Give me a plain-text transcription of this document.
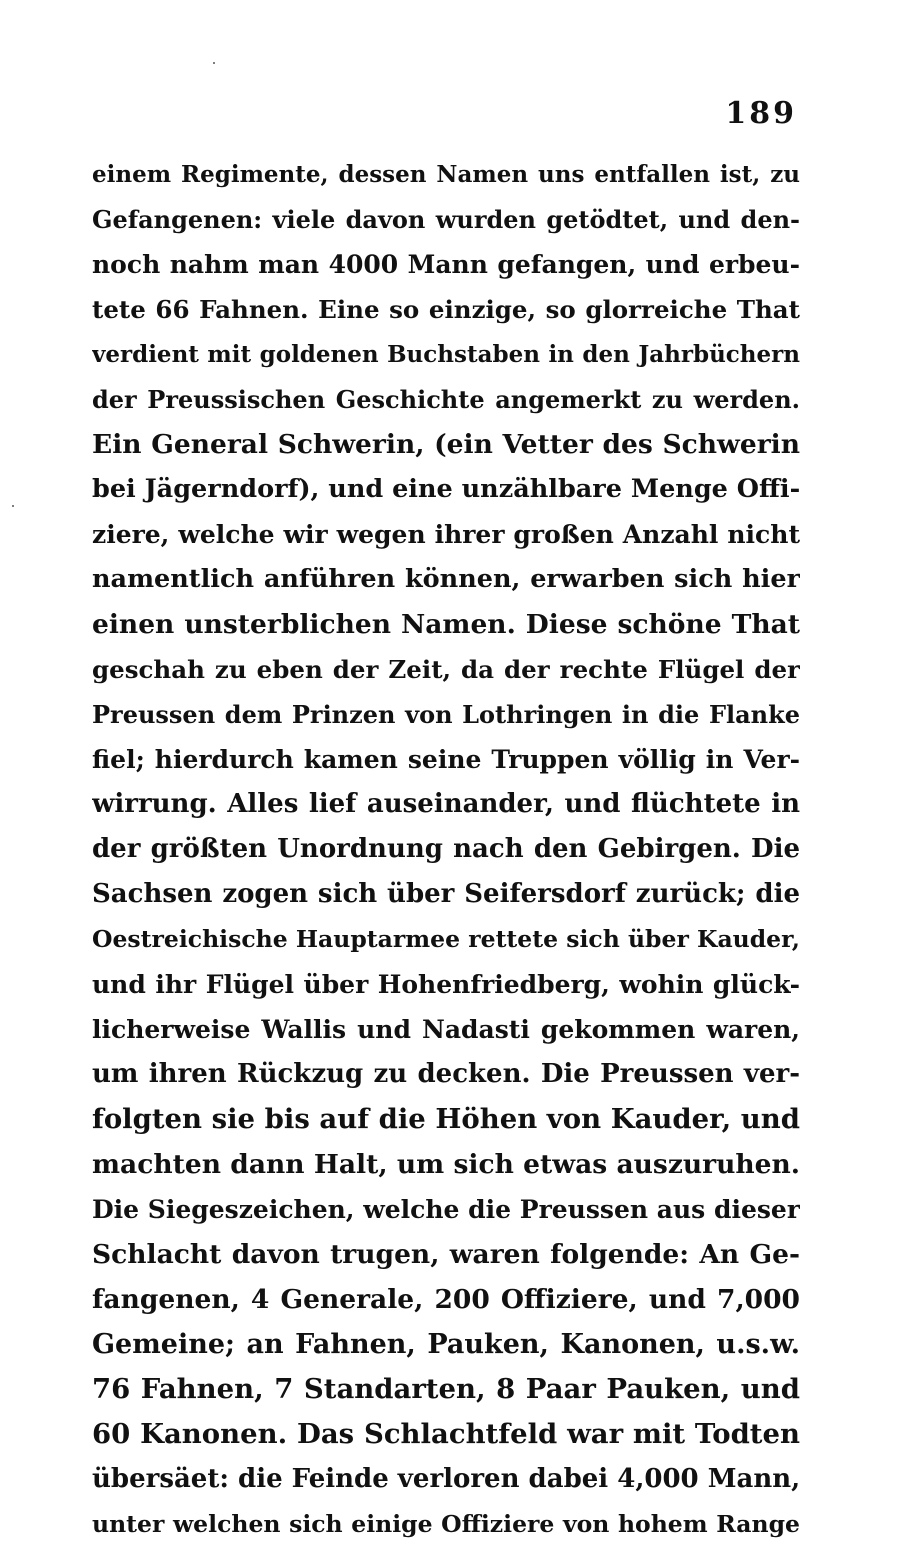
189
einem Regimente, dessen Namen uns entfallen ist, zu
Gefangenen: viele davon wurden getödtet, und den-
noch nahm man 4000 Mann gefangen, und erbeu-
tete 66 Fahnen. Eine so einzige, so glorreiche That
verdient mit goldenen Buchstaben in den Jahrbüchern
der Preussischen Geschichte angemerkt zu werden.
Ein General Schwerin, (ein Vetter des Schwerin
bei Jägerndorf), und eine unzählbare Menge Offi-
ziere, welche wir wegen ihrer großen Anzahl nicht
namentlich anführen können, erwarben sich hier
einen unsterblichen Namen. Diese schöne That
geschah zu eben der Zeit, da der rechte Flügel der
Preussen dem Prinzen von Lothringen in die Flanke
fiel; hierdurch kamen seine Truppen völlig in Ver-
wirrung. Alles lief auseinander, und flüchtete in
der größten Unordnung nach den Gebirgen. Die
Sachsen zogen sich über Seifersdorf zurück; die
Oestreichische Hauptarmee rettete sich über Kauder,
und ihr Flügel über Hohenfriedberg, wohin glück-
licherweise Wallis und Nadasti gekommen waren,
um ihren Rückzug zu decken. Die Preussen ver-
folgten sie bis auf die Höhen von Kauder, und
machten dann Halt, um sich etwas auszuruhen.
Die Siegeszeichen, welche die Preussen aus dieser
Schlacht davon trugen, waren folgende: An Ge-
fangenen, 4 Generale, 200 Offiziere, und 7,000
Gemeine; an Fahnen, Pauken, Kanonen, u.s.w.
76 Fahnen, 7 Standarten, 8 Paar Pauken, und
60 Kanonen. Das Schlachtfeld war mit Todten
übersäet: die Feinde verloren dabei 4,000 Mann,
unter welchen sich einige Offiziere von hohem Range
